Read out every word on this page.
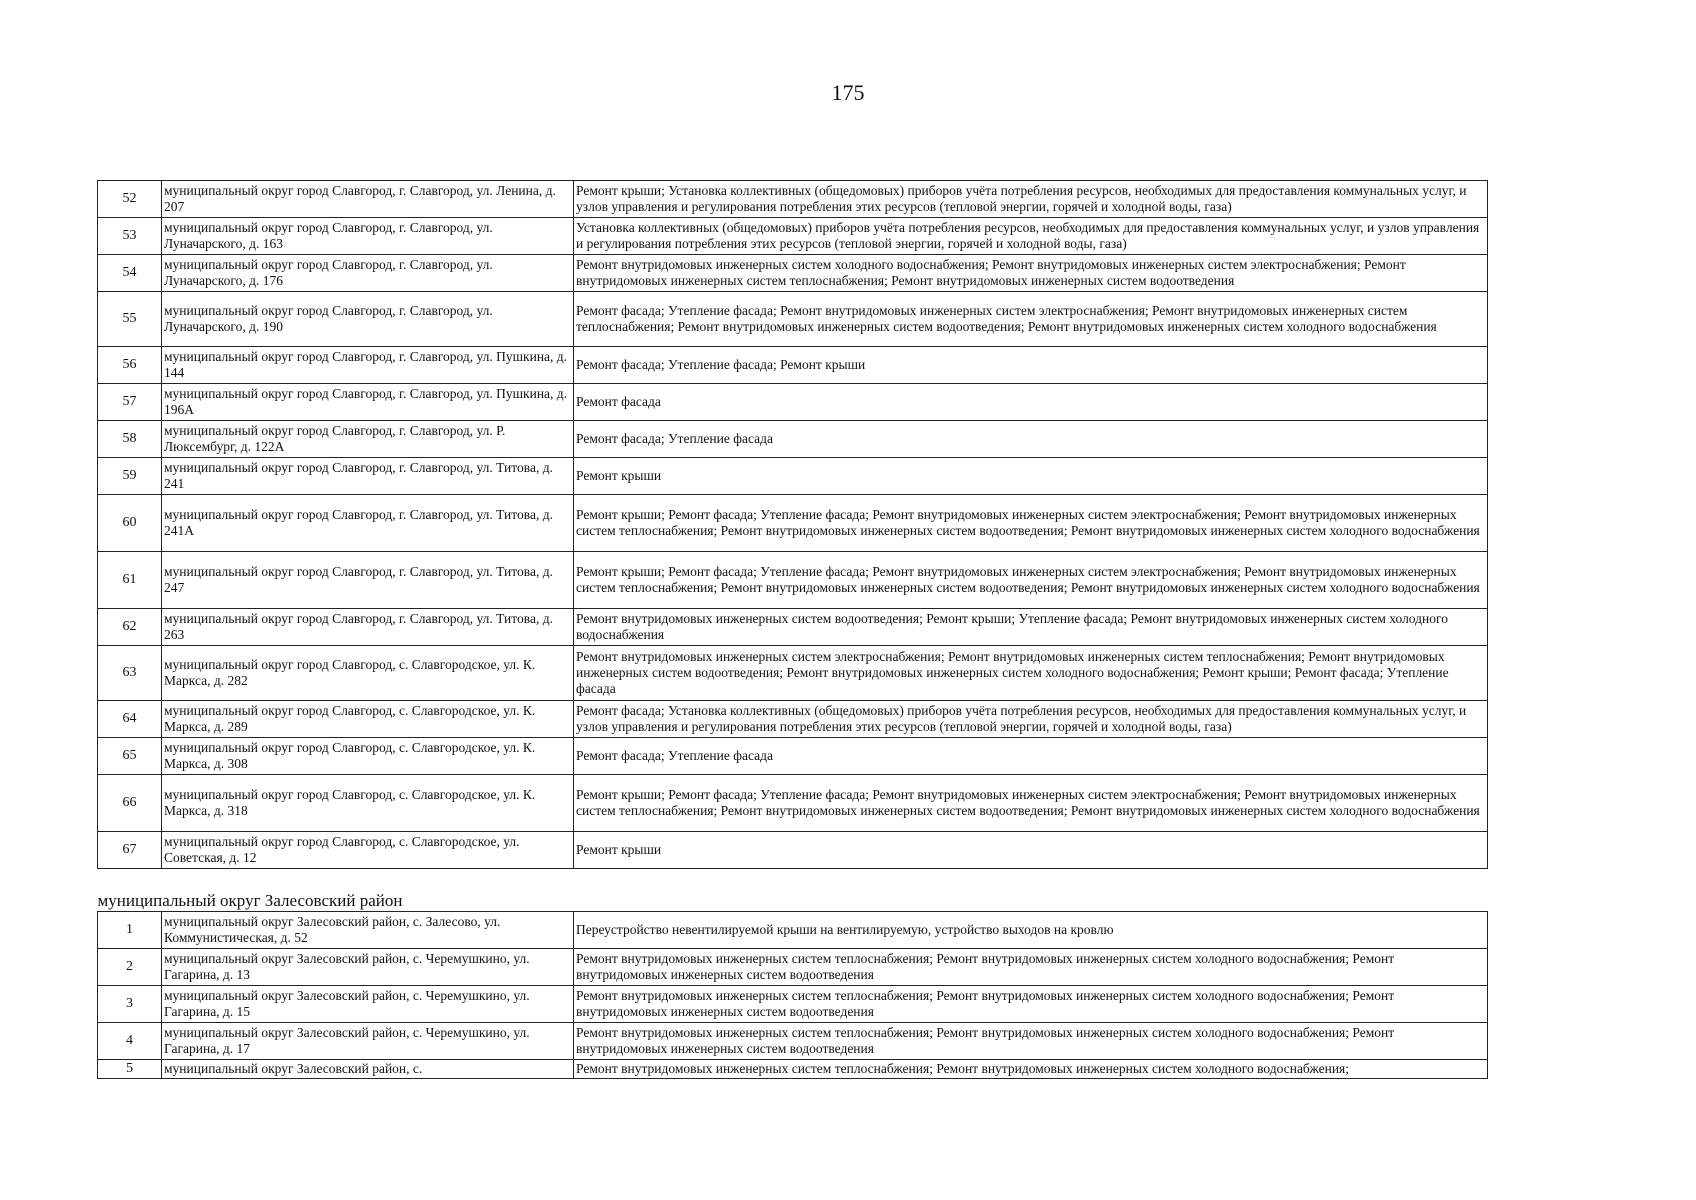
175
52	муниципальный округ город Славгород, г. Славгород, ул. Ленина, д. 207	Ремонт крыши; Установка коллективных (общедомовых) приборов учёта потребления ресурсов, необходимых для предоставления коммунальных услуг, и узлов управления и регулирования потребления этих ресурсов (тепловой энергии, горячей и холодной воды, газа)
53	муниципальный округ город Славгород, г. Славгород, ул. Луначарского, д. 163	Установка коллективных (общедомовых) приборов учёта потребления ресурсов, необходимых для предоставления коммунальных услуг, и узлов управления и регулирования потребления этих ресурсов (тепловой энергии, горячей и холодной воды, газа)
54	муниципальный округ город Славгород, г. Славгород, ул. Луначарского, д. 176	Ремонт внутридомовых инженерных систем холодного водоснабжения; Ремонт внутридомовых инженерных систем электроснабжения; Ремонт внутридомовых инженерных систем теплоснабжения; Ремонт внутридомовых инженерных систем водоотведения
55	муниципальный округ город Славгород, г. Славгород, ул. Луначарского, д. 190	Ремонт фасада; Утепление фасада; Ремонт внутридомовых инженерных систем электроснабжения; Ремонт внутридомовых инженерных систем теплоснабжения; Ремонт внутридомовых инженерных систем водоотведения; Ремонт внутридомовых инженерных систем холодного водоснабжения
56	муниципальный округ город Славгород, г. Славгород, ул. Пушкина, д. 144	Ремонт фасада; Утепление фасада; Ремонт крыши
57	муниципальный округ город Славгород, г. Славгород, ул. Пушкина, д. 196А	Ремонт фасада
58	муниципальный округ город Славгород, г. Славгород, ул. Р. Люксембург, д. 122А	Ремонт фасада; Утепление фасада
59	муниципальный округ город Славгород, г. Славгород, ул. Титова, д. 241	Ремонт крыши
60	муниципальный округ город Славгород, г. Славгород, ул. Титова, д. 241А	Ремонт крыши; Ремонт фасада; Утепление фасада; Ремонт внутридомовых инженерных систем электроснабжения; Ремонт внутридомовых инженерных систем теплоснабжения; Ремонт внутридомовых инженерных систем водоотведения; Ремонт внутридомовых инженерных систем холодного водоснабжения
61	муниципальный округ город Славгород, г. Славгород, ул. Титова, д. 247	Ремонт крыши; Ремонт фасада; Утепление фасада; Ремонт внутридомовых инженерных систем электроснабжения; Ремонт внутридомовых инженерных систем теплоснабжения; Ремонт внутридомовых инженерных систем водоотведения; Ремонт внутридомовых инженерных систем холодного водоснабжения
62	муниципальный округ город Славгород, г. Славгород, ул. Титова, д. 263	Ремонт внутридомовых инженерных систем водоотведения; Ремонт крыши; Утепление фасада; Ремонт внутридомовых инженерных систем холодного водоснабжения
63	муниципальный округ город Славгород, с. Славгородское, ул. К. Маркса, д. 282	Ремонт внутридомовых инженерных систем электроснабжения; Ремонт внутридомовых инженерных систем теплоснабжения; Ремонт внутридомовых инженерных систем водоотведения; Ремонт внутридомовых инженерных систем холодного водоснабжения; Ремонт крыши; Ремонт фасада; Утепление фасада
64	муниципальный округ город Славгород, с. Славгородское, ул. К. Маркса, д. 289	Ремонт фасада; Установка коллективных (общедомовых) приборов учёта потребления ресурсов, необходимых для предоставления коммунальных услуг, и узлов управления и регулирования потребления этих ресурсов (тепловой энергии, горячей и холодной воды, газа)
65	муниципальный округ город Славгород, с. Славгородское, ул. К. Маркса, д. 308	Ремонт фасада; Утепление фасада
66	муниципальный округ город Славгород, с. Славгородское, ул. К. Маркса, д. 318	Ремонт крыши; Ремонт фасада; Утепление фасада; Ремонт внутридомовых инженерных систем электроснабжения; Ремонт внутридомовых инженерных систем теплоснабжения; Ремонт внутридомовых инженерных систем водоотведения; Ремонт внутридомовых инженерных систем холодного водоснабжения
67	муниципальный округ город Славгород, с. Славгородское, ул. Советская, д. 12	Ремонт крыши
муниципальный округ Залесовский район		
1	муниципальный округ Залесовский район, с. Залесово, ул. Коммунистическая, д. 52	Переустройство невентилируемой крыши на вентилируемую, устройство выходов на кровлю
2	муниципальный округ Залесовский район, с. Черемушкино, ул. Гагарина, д. 13	Ремонт внутридомовых инженерных систем теплоснабжения; Ремонт внутридомовых инженерных систем холодного водоснабжения; Ремонт внутридомовых инженерных систем водоотведения
3	муниципальный округ Залесовский район, с. Черемушкино, ул. Гагарина, д. 15	Ремонт внутридомовых инженерных систем теплоснабжения; Ремонт внутридомовых инженерных систем холодного водоснабжения; Ремонт внутридомовых инженерных систем водоотведения
4	муниципальный округ Залесовский район, с. Черемушкино, ул. Гагарина, д. 17	Ремонт внутридомовых инженерных систем теплоснабжения; Ремонт внутридомовых инженерных систем холодного водоснабжения; Ремонт внутридомовых инженерных систем водоотведения
5	муниципальный округ Залесовский район, с.	Ремонт внутридомовых инженерных систем теплоснабжения; Ремонт внутридомовых инженерных систем холодного водоснабжения;
